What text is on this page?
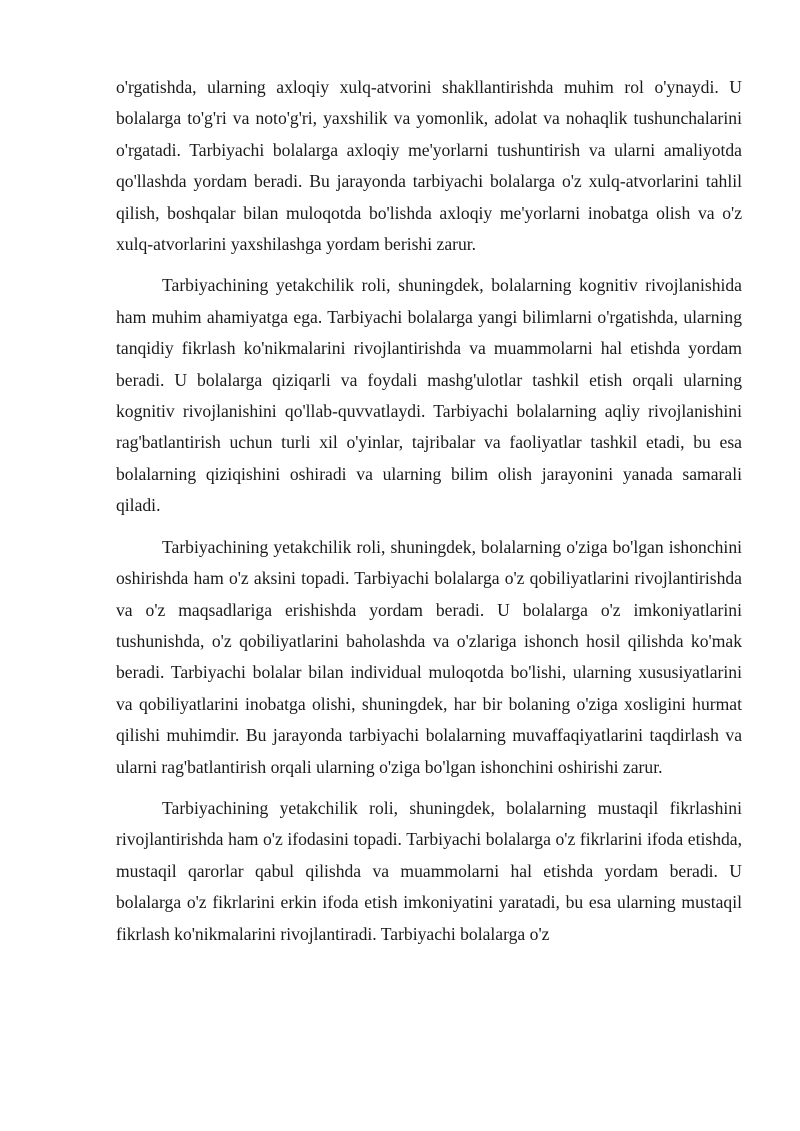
o'rgatishda, ularning axloqiy xulq-atvorini shakllantirishda muhim rol o'ynaydi. U bolalarga to'g'ri va noto'g'ri, yaxshilik va yomonlik, adolat va nohaqlik tushunchalarini o'rgatadi. Tarbiyachi bolalarga axloqiy me'yorlarni tushuntirish va ularni amaliyotda qo'llashda yordam beradi. Bu jarayonda tarbiyachi bolalarga o'z xulq-atvorlarini tahlil qilish, boshqalar bilan muloqotda bo'lishda axloqiy me'yorlarni inobatga olish va o'z xulq-atvorlarini yaxshilashga yordam berishi zarur.

Tarbiyachining yetakchilik roli, shuningdek, bolalarning kognitiv rivojlanishida ham muhim ahamiyatga ega. Tarbiyachi bolalarga yangi bilimlarni o'rgatishda, ularning tanqidiy fikrlash ko'nikmalarini rivojlantirishda va muammolarni hal etishda yordam beradi. U bolalarga qiziqarli va foydali mashg'ulotlar tashkil etish orqali ularning kognitiv rivojlanishini qo'llab-quvvatlaydi. Tarbiyachi bolalarning aqliy rivojlanishini rag'batlantirish uchun turli xil o'yinlar, tajribalar va faoliyatlar tashkil etadi, bu esa bolalarning qiziqishini oshiradi va ularning bilim olish jarayonini yanada samarali qiladi.

Tarbiyachining yetakchilik roli, shuningdek, bolalarning o'ziga bo'lgan ishonchini oshirishda ham o'z aksini topadi. Tarbiyachi bolalarga o'z qobiliyatlarini rivojlantirishda va o'z maqsadlariga erishishda yordam beradi. U bolalarga o'z imkoniyatlarini tushunishda, o'z qobiliyatlarini baholashda va o'zlariga ishonch hosil qilishda ko'mak beradi. Tarbiyachi bolalar bilan individual muloqotda bo'lishi, ularning xususiyatlarini va qobiliyatlarini inobatga olishi, shuningdek, har bir bolaning o'ziga xosligini hurmat qilishi muhimdir. Bu jarayonda tarbiyachi bolalarning muvaffaqiyatlarini taqdirlash va ularni rag'batlantirish orqali ularning o'ziga bo'lgan ishonchini oshirishi zarur.

Tarbiyachining yetakchilik roli, shuningdek, bolalarning mustaqil fikrlashini rivojlantirishda ham o'z ifodasini topadi. Tarbiyachi bolalarga o'z fikrlarini ifoda etishda, mustaqil qarorlar qabul qilishda va muammolarni hal etishda yordam beradi. U bolalarga o'z fikrlarini erkin ifoda etish imkoniyatini yaratadi, bu esa ularning mustaqil fikrlash ko'nikmalarini rivojlantiradi. Tarbiyachi bolalarga o'z
